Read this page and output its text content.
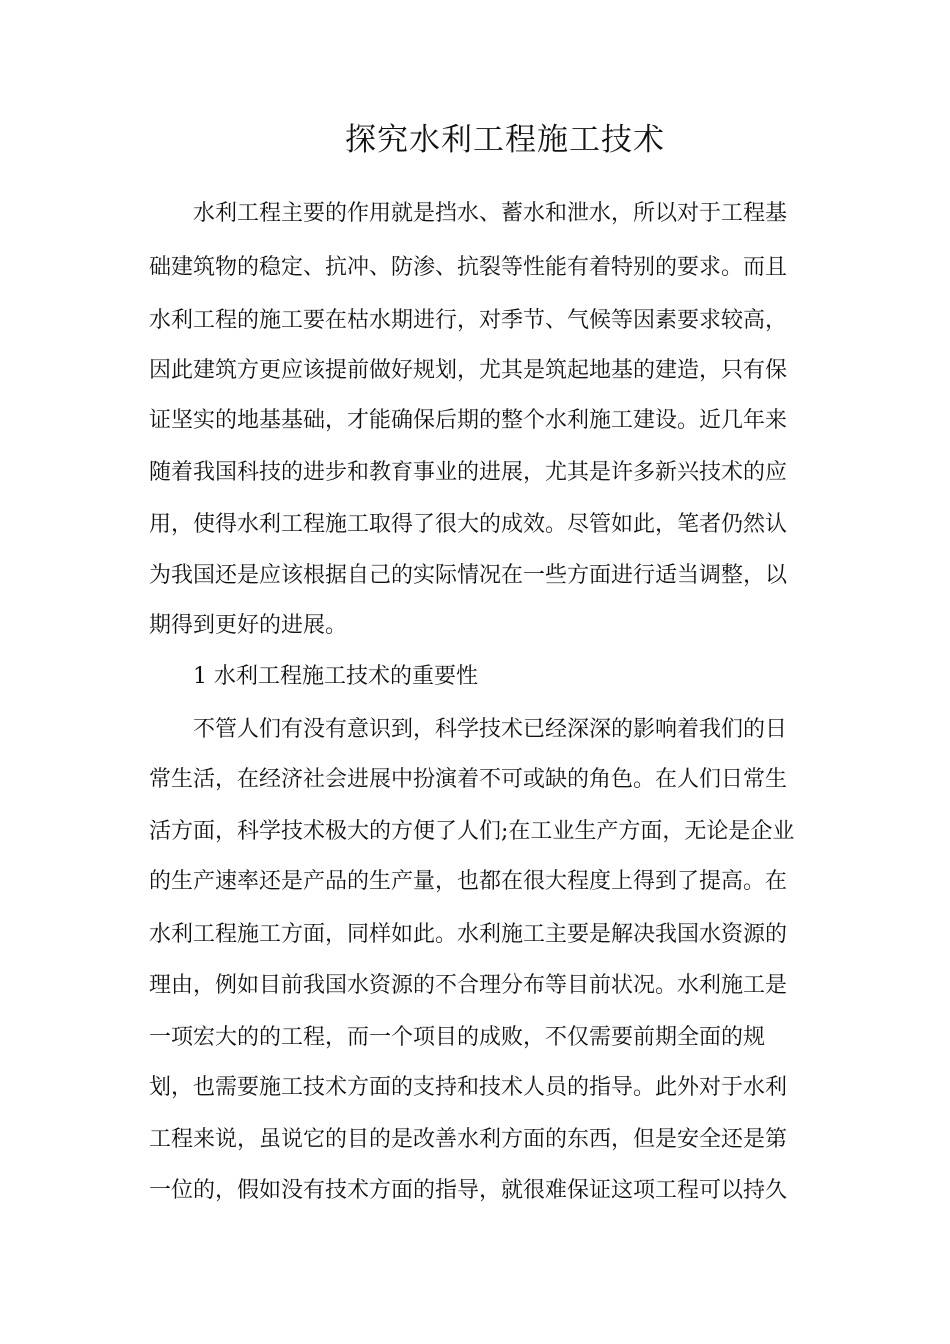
探究水利工程施工技术
水利工程主要的作用就是挡水、蓄水和泄水，所以对于工程基
础建筑物的稳定、抗冲、防渗、抗裂等性能有着特别的要求。而且
水利工程的施工要在枯水期进行，对季节、气候等因素要求较高，
因此建筑方更应该提前做好规划，尤其是筑起地基的建造，只有保
证坚实的地基基础，才能确保后期的整个水利施工建设。近几年来
随着我国科技的进步和教育事业的进展，尤其是许多新兴技术的应
用，使得水利工程施工取得了很大的成效。尽管如此，笔者仍然认
为我国还是应该根据自己的实际情况在一些方面进行适当调整，以
期得到更好的进展。
1 水利工程施工技术的重要性
不管人们有没有意识到，科学技术已经深深的影响着我们的日
常生活，在经济社会进展中扮演着不可或缺的角色。在人们日常生
活方面，科学技术极大的方便了人们;在工业生产方面，无论是企业
的生产速率还是产品的生产量，也都在很大程度上得到了提高。在
水利工程施工方面，同样如此。水利施工主要是解决我国水资源的
理由，例如目前我国水资源的不合理分布等目前状况。水利施工是
一项宏大的的工程，而一个项目的成败，不仅需要前期全面的规
划，也需要施工技术方面的支持和技术人员的指导。此外对于水利
工程来说，虽说它的目的是改善水利方面的东西，但是安全还是第
一位的，假如没有技术方面的指导，就很难保证这项工程可以持久
